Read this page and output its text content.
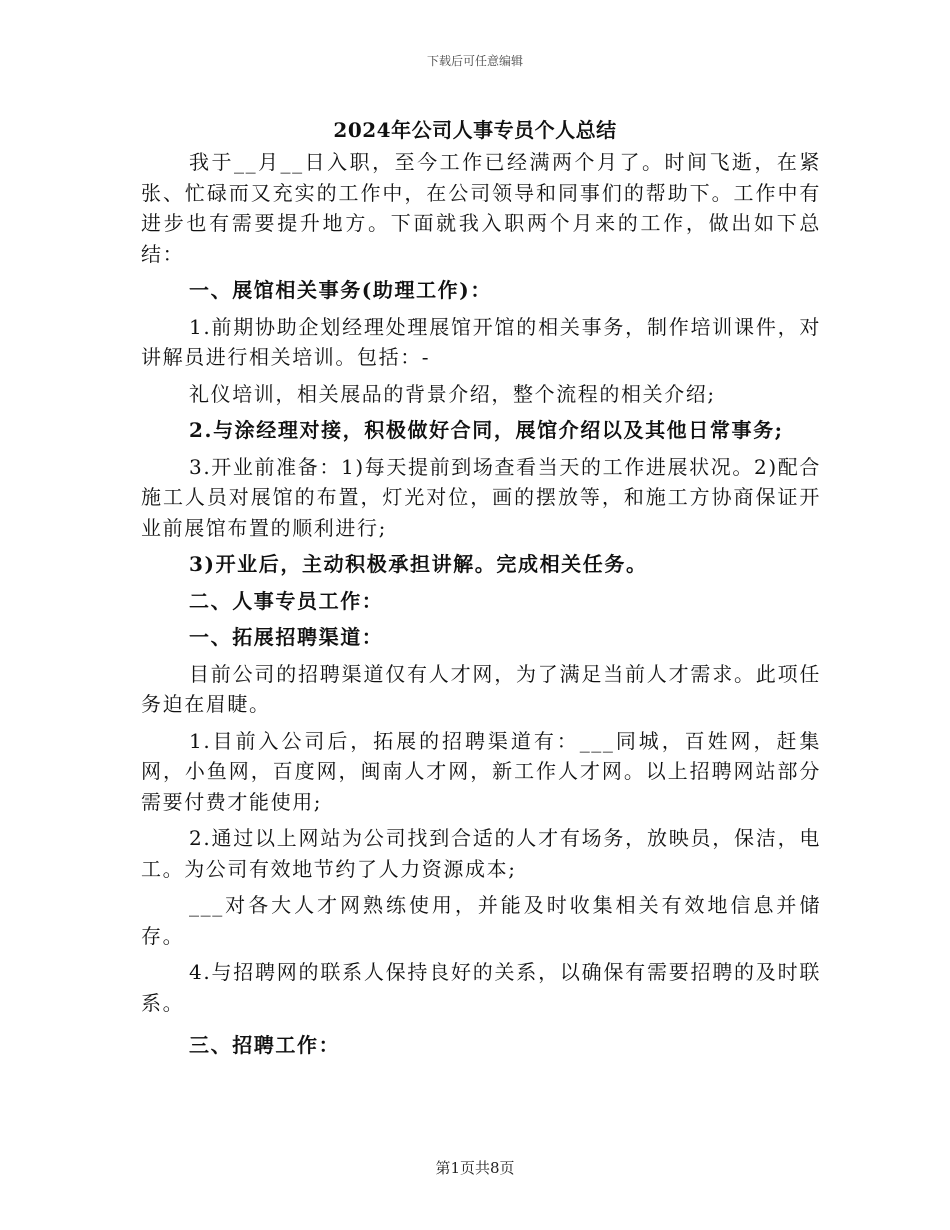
下载后可任意编辑
2024年公司人事专员个人总结

我于__月__日入职，至今工作已经满两个月了。时间飞逝，在紧张、忙碌而又充实的工作中，在公司领导和同事们的帮助下。工作中有进步也有需要提升地方。下面就我入职两个月来的工作，做出如下总结：

一、展馆相关事务(助理工作)：

1.前期协助企划经理处理展馆开馆的相关事务，制作培训课件，对讲解员进行相关培训。包括：-

礼仪培训，相关展品的背景介绍，整个流程的相关介绍;

2.与涂经理对接，积极做好合同，展馆介绍以及其他日常事务;

3.开业前准备：1)每天提前到场查看当天的工作进展状况。2)配合施工人员对展馆的布置，灯光对位，画的摆放等，和施工方协商保证开业前展馆布置的顺利进行;

3)开业后，主动积极承担讲解。完成相关任务。

二、人事专员工作：

一、拓展招聘渠道：

目前公司的招聘渠道仅有人才网，为了满足当前人才需求。此项任务迫在眉睫。

1.目前入公司后，拓展的招聘渠道有：___同城，百姓网，赶集网，小鱼网，百度网，闽南人才网，新工作人才网。以上招聘网站部分需要付费才能使用;

2.通过以上网站为公司找到合适的人才有场务，放映员，保洁，电工。为公司有效地节约了人力资源成本;

___对各大人才网熟练使用，并能及时收集相关有效地信息并储存。

4.与招聘网的联系人保持良好的关系，以确保有需要招聘的及时联系。

三、招聘工作：

第1页共8页
